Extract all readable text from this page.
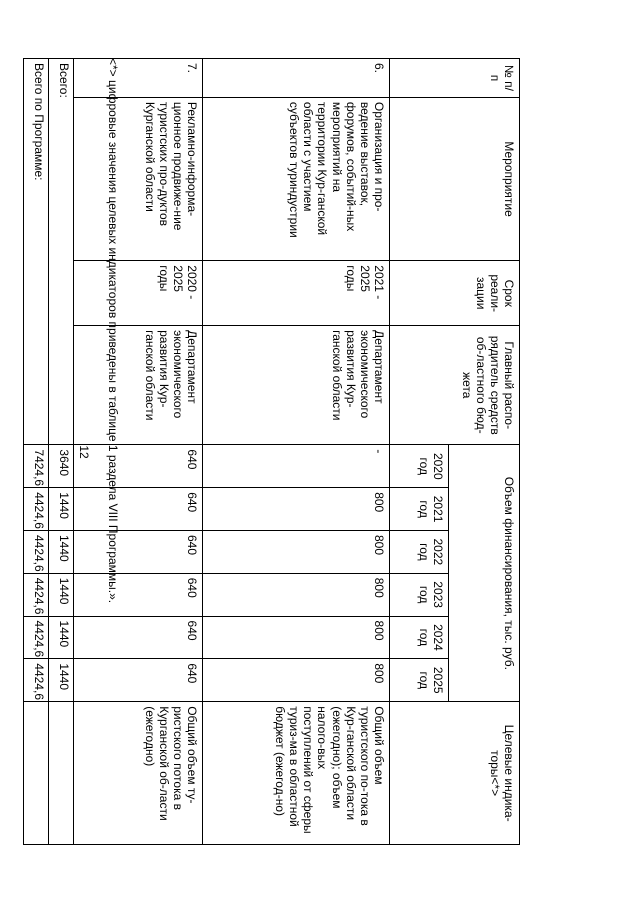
12
№ п/п	Мероприятие	Срок реали-зации	Главный распо-рядитель средств об-ластного бюд-жета	Объем финансирования, тыс. руб.						Целевые индика-торы<*>
				2020 год	2021 год	2022 год	2023 год	2024 год	2025 год	
6.	Организация и про-ведение выставок, форумов, событий-ных мероприятий на территории Кур-ганской области с участием субъектов туриндустрии	2021 - 2025 годы	Департамент экономического развития Кур-ганской области	-	800	800	800	800	800	Общий объем туристского по-тока в Кур-ганской области (ежегодно); объем налого-вых поступлений от сферы туриз-ма в областной бюджет (ежегод-но)
7.	Рекламно-информа-ционное продвиже-ние туристских про-дуктов Курганской области	2020 - 2025 годы	Департамент экономического развития Кур-ганской области	640	640	640	640	640	640	Общий объем ту-ристского потока в Курганской об-ласти (ежегодно)
Всего:				3640	1440	1440	1440	1440	1440	
Всего по Программе:				7424,6	4424,6	4424,6	4424,6	4424,6	4424,6	
<*> цифровые значения целевых индикаторов приведены в таблице 1 раздела VIII Программы.».
